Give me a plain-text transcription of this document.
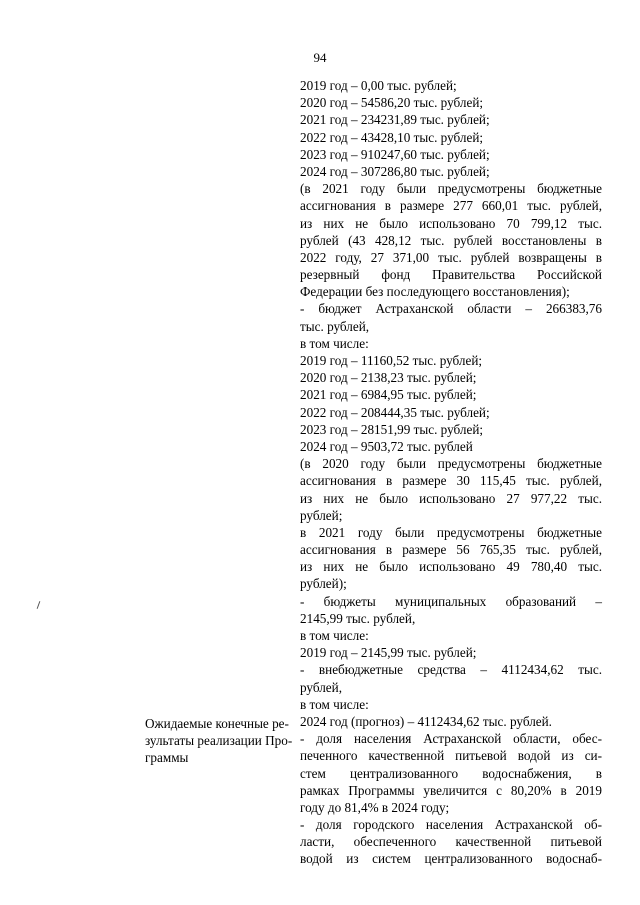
94
Ожидаемые конечные ре-
зультаты реализации Про-
граммы
2019 год – 0,00 тыс. рублей;
2020 год – 54586,20 тыс. рублей;
2021 год – 234231,89 тыс. рублей;
2022 год – 43428,10 тыс. рублей;
2023 год – 910247,60 тыс. рублей;
2024 год – 307286,80 тыс. рублей;
(в 2021 году были предусмотрены бюджетные
ассигнования в размере 277 660,01 тыс. рублей,
из них не было использовано 70 799,12 тыс.
рублей (43 428,12 тыс. рублей восстановлены в
2022 году, 27 371,00 тыс. рублей возвращены в
резервный фонд Правительства Российской
Федерации без последующего восстановления);
- бюджет Астраханской области – 266383,76
тыс. рублей,
в том числе:
2019 год – 11160,52 тыс. рублей;
2020 год – 2138,23 тыс. рублей;
2021 год – 6984,95 тыс. рублей;
2022 год – 208444,35 тыс. рублей;
2023 год – 28151,99 тыс. рублей;
2024 год – 9503,72 тыс. рублей
(в 2020 году были предусмотрены бюджетные
ассигнования в размере 30 115,45 тыс. рублей,
из них не было использовано 27 977,22 тыс.
рублей;
в 2021 году были предусмотрены бюджетные
ассигнования в размере 56 765,35 тыс. рублей,
из них не было использовано 49 780,40 тыс.
рублей);
- бюджеты муниципальных образований –
2145,99 тыс. рублей,
в том числе:
2019 год – 2145,99 тыс. рублей;
- внебюджетные средства – 4112434,62 тыс.
рублей,
в том числе:
2024 год (прогноз) – 4112434,62 тыс. рублей.
- доля населения Астраханской области, обес-
печенного качественной питьевой водой из си-
стем централизованного водоснабжения, в
рамках Программы увеличится с 80,20% в 2019
году до 81,4% в 2024 году;
- доля городского населения Астраханской об-
ласти, обеспеченного качественной питьевой
водой из систем централизованного водоснаб-
